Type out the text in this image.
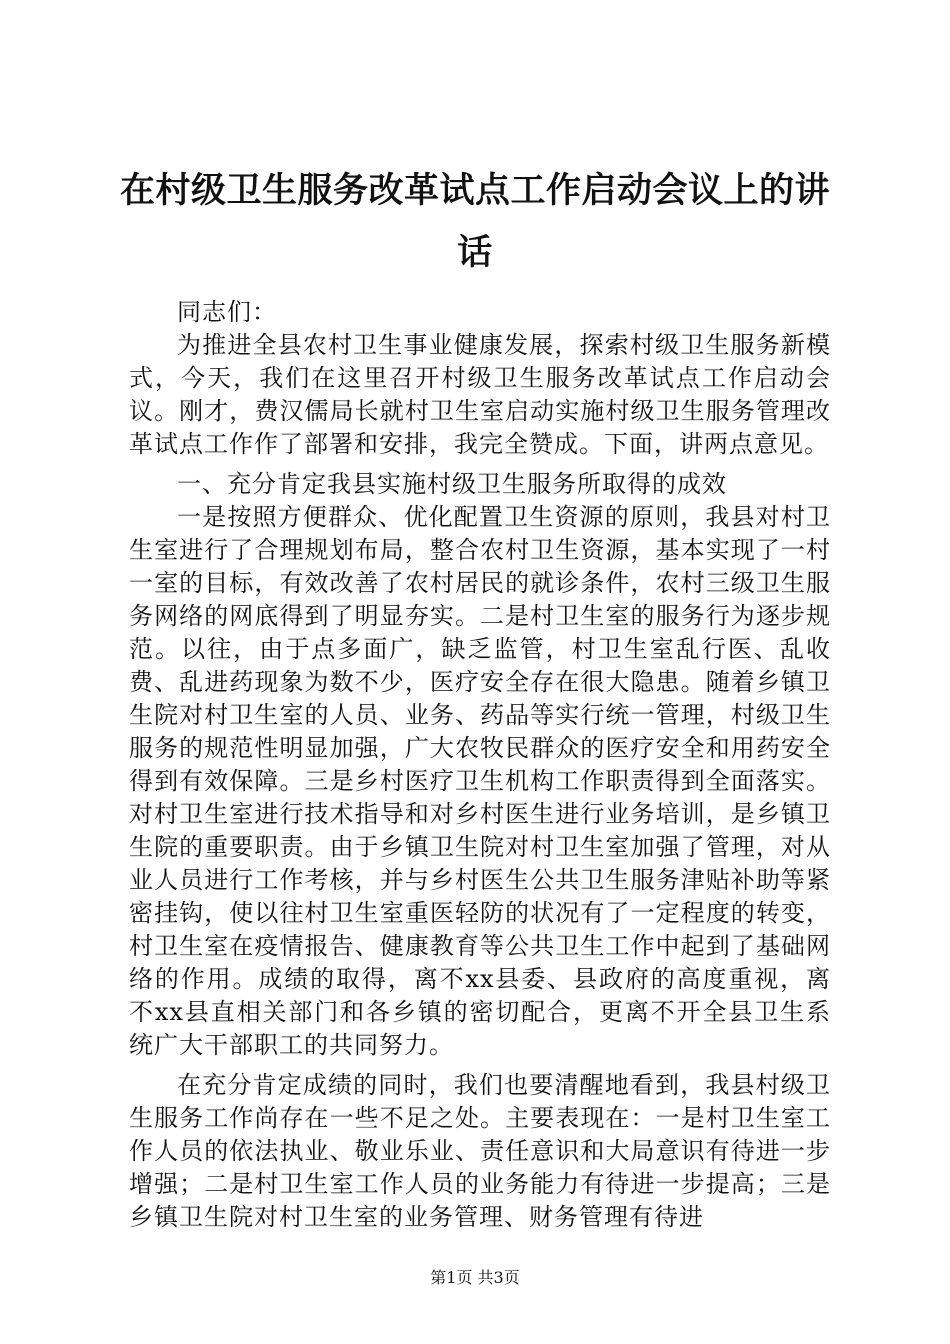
在村级卫生服务改革试点工作启动会议上的讲话

同志们：

为推进全县农村卫生事业健康发展，探索村级卫生服务新模式，今天，我们在这里召开村级卫生服务改革试点工作启动会议。刚才，费汉儒局长就村卫生室启动实施村级卫生服务管理改革试点工作作了部署和安排，我完全赞成。下面，讲两点意见。

一、充分肯定我县实施村级卫生服务所取得的成效

一是按照方便群众、优化配置卫生资源的原则，我县对村卫生室进行了合理规划布局，整合农村卫生资源，基本实现了一村一室的目标，有效改善了农村居民的就诊条件，农村三级卫生服务网络的网底得到了明显夯实。二是村卫生室的服务行为逐步规范。以往，由于点多面广，缺乏监管，村卫生室乱行医、乱收费、乱进药现象为数不少，医疗安全存在很大隐患。随着乡镇卫生院对村卫生室的人员、业务、药品等实行统一管理，村级卫生服务的规范性明显加强，广大农牧民群众的医疗安全和用药安全得到有效保障。三是乡村医疗卫生机构工作职责得到全面落实。对村卫生室进行技术指导和对乡村医生进行业务培训，是乡镇卫生院的重要职责。由于乡镇卫生院对村卫生室加强了管理，对从业人员进行工作考核，并与乡村医生公共卫生服务津贴补助等紧密挂钩，使以往村卫生室重医轻防的状况有了一定程度的转变，村卫生室在疫情报告、健康教育等公共卫生工作中起到了基础网络的作用。成绩的取得，离不xx县委、县政府的高度重视，离不xx县直相关部门和各乡镇的密切配合，更离不开全县卫生系统广大干部职工的共同努力。

在充分肯定成绩的同时，我们也要清醒地看到，我县村级卫生服务工作尚存在一些不足之处。主要表现在：一是村卫生室工作人员的依法执业、敬业乐业、责任意识和大局意识有待进一步增强；二是村卫生室工作人员的业务能力有待进一步提高；三是乡镇卫生院对村卫生室的业务管理、财务管理有待进

第1页 共3页
